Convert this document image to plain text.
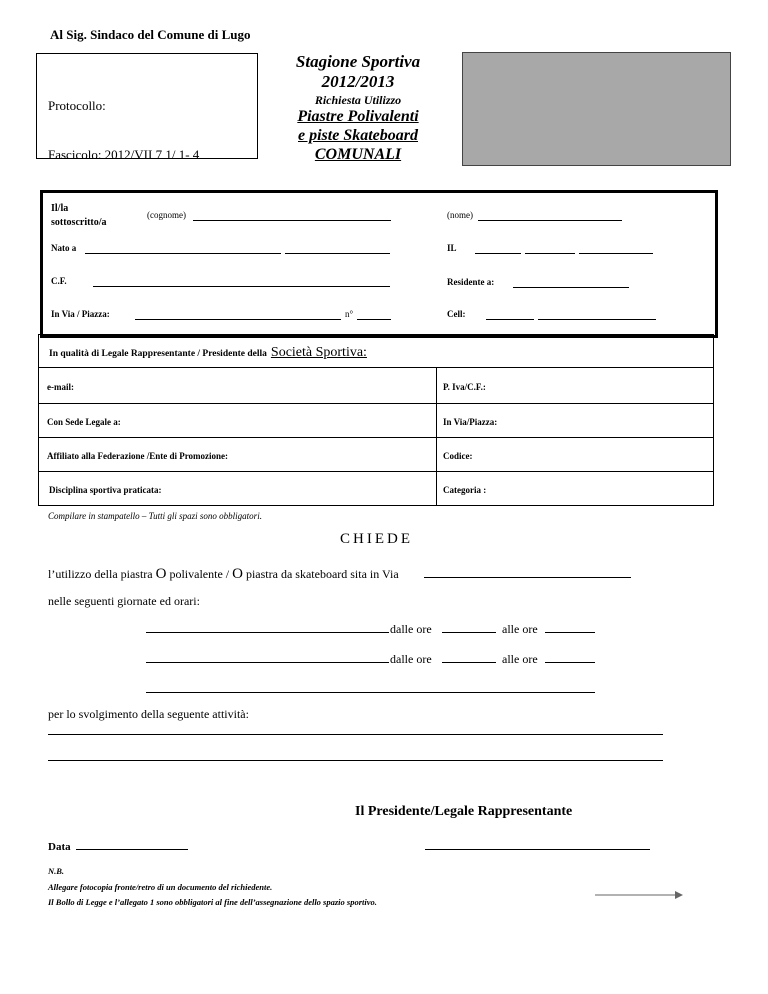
Al Sig. Sindaco del Comune di Lugo
Protocollo:
Fascicolo: 2012/VII 7 1/ 1- 4
Stagione Sportiva
2012/2013
Richiesta Utilizzo
Piastre Polivalenti
e piste Skateboard
COMUNALI
Il/la
sottoscritto/a
(cognome)	(nome)
Nato a	IL
C.F.	Residente a:
In Via / Piazza:	n°	Cell:
In qualità di Legale Rappresentante / Presidente della Società Sportiva:
e-mail:	P. Iva/C.F.:
Con Sede Legale a:	In Via/Piazza:
Affiliato alla Federazione /Ente di Promozione:	Codice:
Disciplina sportiva praticata:	Categoria :
Compilare in stampatello – Tutti gli spazi sono obbligatori.
CHIEDE
l’utilizzo della piastra O polivalente / O piastra da skateboard sita in Via
nelle seguenti giornate ed orari:
dalle ore	alle ore
dalle ore	alle ore
per lo svolgimento della seguente attività:
Il Presidente/Legale Rappresentante
Data
N.B.
Allegare fotocopia fronte/retro di un documento del richiedente.
Il Bollo di Legge e l’allegato 1 sono obbligatori al fine dell’assegnazione dello spazio sportivo.
